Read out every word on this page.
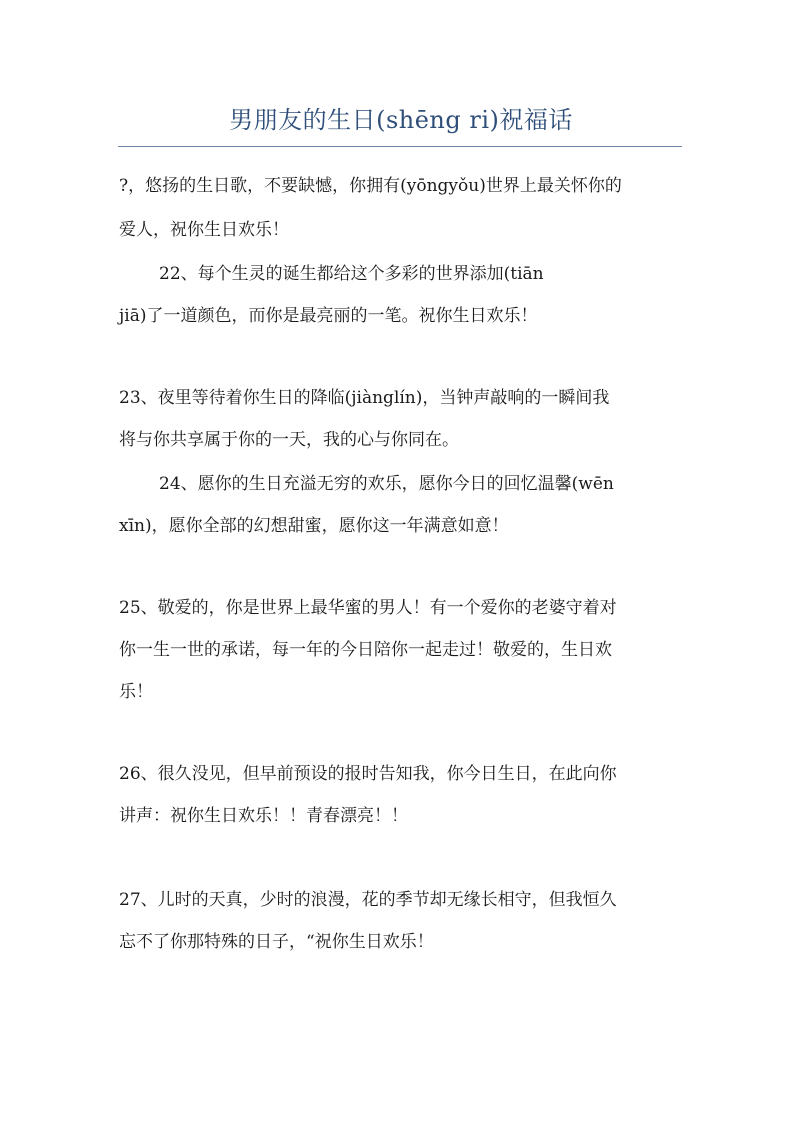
男朋友的生日(shēng ri)祝福话
?，悠扬的生日歌，不要缺憾，你拥有(yōngyǒu)世界上最关怀你的
爱人，祝你生日欢乐！
22、每个生灵的诞生都给这个多彩的世界添加(tiān
jiā)了一道颜色，而你是最亮丽的一笔。祝你生日欢乐！
23、夜里等待着你生日的降临(jiànglín)，当钟声敲响的一瞬间我
将与你共享属于你的一天，我的心与你同在。
24、愿你的生日充溢无穷的欢乐，愿你今日的回忆温馨(wēn
xīn)，愿你全部的幻想甜蜜，愿你这一年满意如意！
25、敬爱的，你是世界上最华蜜的男人！有一个爱你的老婆守着对
你一生一世的承诺，每一年的今日陪你一起走过！敬爱的，生日欢
乐！
26、很久没见，但早前预设的报时告知我，你今日生日，在此向你
讲声：祝你生日欢乐！！青春漂亮！！
27、儿时的天真，少时的浪漫，花的季节却无缘长相守，但我恒久
忘不了你那特殊的日子，“祝你生日欢乐！
